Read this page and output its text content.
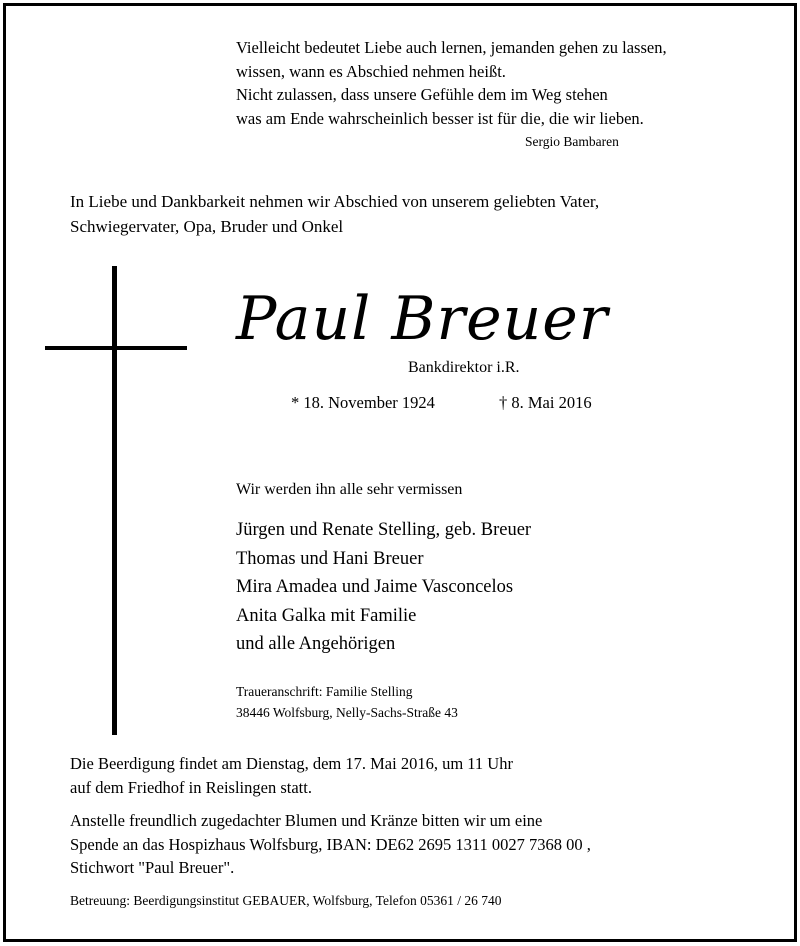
Vielleicht bedeutet Liebe auch lernen, jemanden gehen zu lassen,
wissen, wann es Abschied nehmen heißt.
Nicht zulassen, dass unsere Gefühle dem im Weg stehen
was am Ende wahrscheinlich besser ist für die, die wir lieben.
Sergio Bambaren
In Liebe und Dankbarkeit nehmen wir Abschied von unserem geliebten Vater,
Schwiegervater, Opa, Bruder und Onkel
Paul Breuer
Bankdirektor i.R.
* 18. November 1924	† 8. Mai 2016
Wir werden ihn alle sehr vermissen
Jürgen und Renate Stelling, geb. Breuer
Thomas und Hani Breuer
Mira Amadea und Jaime Vasconcelos
Anita Galka mit Familie
und alle Angehörigen
Traueranschrift: Familie Stelling
38446 Wolfsburg, Nelly-Sachs-Straße 43
Die Beerdigung findet am Dienstag, dem 17. Mai 2016, um 11 Uhr
auf dem Friedhof in Reislingen statt.
Anstelle freundlich zugedachter Blumen und Kränze bitten wir um eine
Spende an das Hospizhaus Wolfsburg, IBAN: DE62 2695 1311 0027 7368 00 ,
Stichwort "Paul Breuer".
Betreuung: Beerdigungsinstitut GEBAUER, Wolfsburg, Telefon 05361 / 26 740
